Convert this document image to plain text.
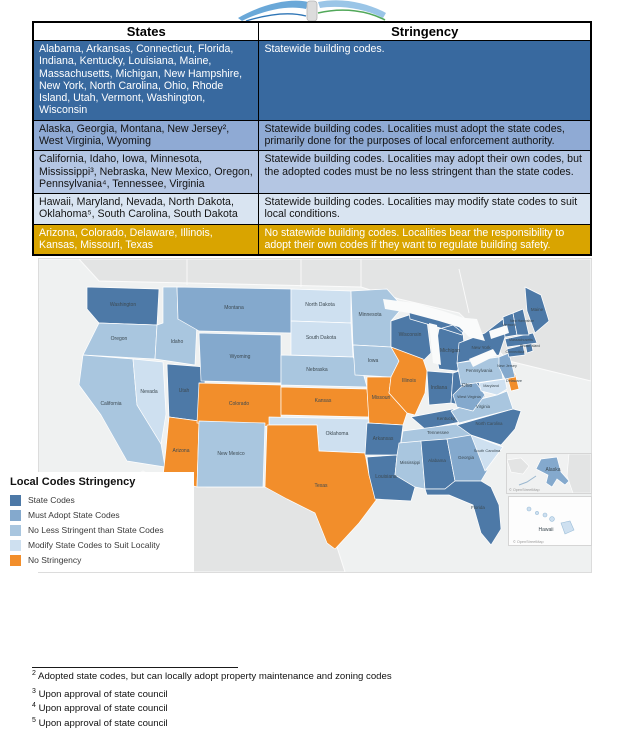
States	Stringency
Alabama, Arkansas, Connecticut, Florida, Indiana, Kentucky, Louisiana, Maine, Massachusetts, Michigan, New Hampshire, New York, North Carolina, Ohio, Rhode Island, Utah, Vermont, Washington, Wisconsin	Statewide building codes.
Alaska, Georgia, Montana, New Jersey², West Virginia, Wyoming	Statewide building codes. Localities must adopt the state codes, primarily done for the purposes of local enforcement authority.
California, Idaho, Iowa, Minnesota, Mississippi³, Nebraska, New Mexico, Oregon, Pennsylvania⁴, Tennessee, Virginia	Statewide building codes. Localities may adopt their own codes, but the adopted codes must be no less stringent than the state codes.
Hawaii, Maryland, Nevada, North Dakota, Oklahoma⁵, South Carolina, South Dakota	Statewide building codes. Localities may modify state codes to suit local conditions.
Arizona, Colorado, Delaware, Illinois, Kansas, Missouri, Texas	No statewide building codes. Localities bear the responsibility to adopt their own codes if they want to regulate building safety.
Washington
Oregon
California
Idaho
Nevada	Utah
Arizona
Montana
Wyoming
Colorado
New Mexico
North Dakota
South Dakota
Nebraska
Kansas
Oklahoma
Texas
Minnesota
Iowa
Missouri
Arkansas
Louisiana
Wisconsin
Illinois
Michigan
Indiana	Ohio
Kentucky
Tennessee
Mississippi Alabama
Georgia
Florida
South Carolina
North Carolina
Virginia
West Virginia
Maryland
Delaware
Pennsylvania
New Jersey
New York
Connecticut
Rhode Island
Massachusetts
Vermont
New Hampshire
Maine
Local Codes Stringency
State Codes
Must Adopt State Codes
No Less Stringent than State Codes
Modify State Codes to Suit Locality
No Stringency
Alaska
© OpenStreetMap
Hawaii
© OpenStreetMap
$^2$ Adopted state codes, but can locally adopt property maintenance and zoning codes
$^3$ Upon approval of state council
$^4$ Upon approval of state council
$^5$ Upon approval of state council
